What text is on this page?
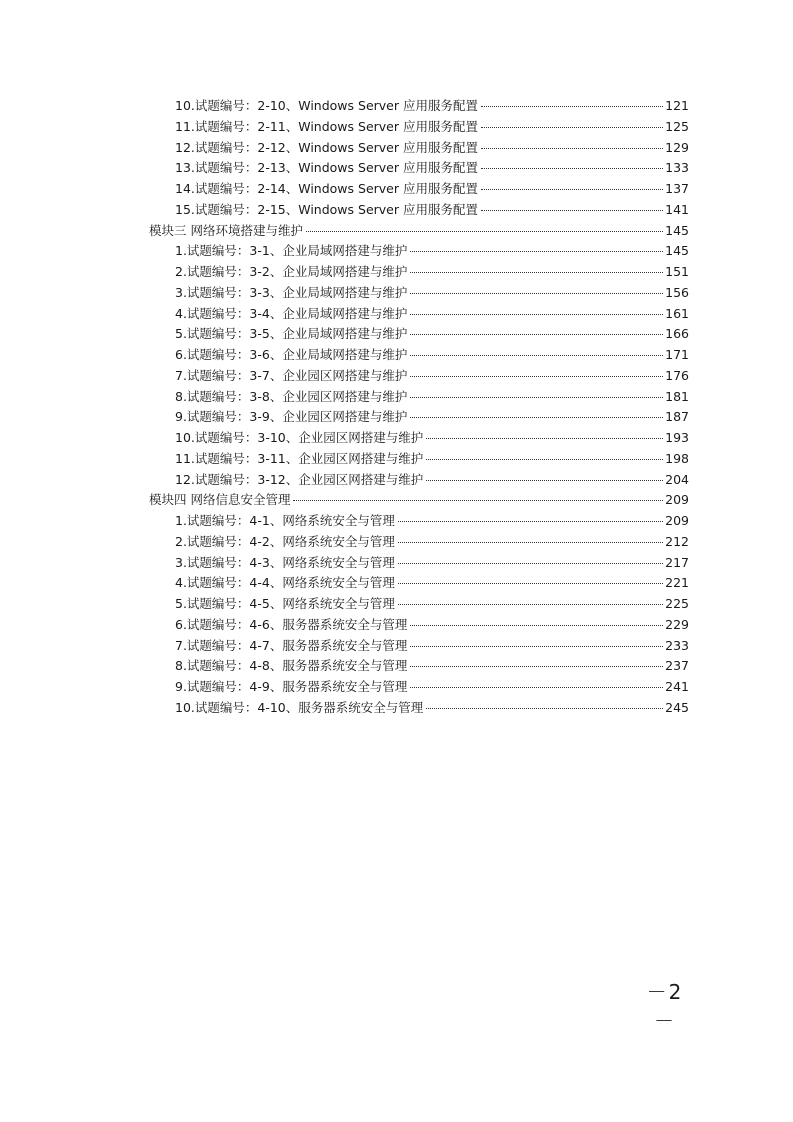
10.试题编号：2-10、Windows Server 应用服务配置	121
11.试题编号：2-11、Windows Server 应用服务配置	125
12.试题编号：2-12、Windows Server 应用服务配置	129
13.试题编号：2-13、Windows Server 应用服务配置	133
14.试题编号：2-14、Windows Server 应用服务配置	137
15.试题编号：2-15、Windows Server 应用服务配置	141
模块三 网络环境搭建与维护	145
1.试题编号：3-1、企业局域网搭建与维护	145
2.试题编号：3-2、企业局域网搭建与维护	151
3.试题编号：3-3、企业局域网搭建与维护	156
4.试题编号：3-4、企业局域网搭建与维护	161
5.试题编号：3-5、企业局域网搭建与维护	166
6.试题编号：3-6、企业局域网搭建与维护	171
7.试题编号：3-7、企业园区网搭建与维护	176
8.试题编号：3-8、企业园区网搭建与维护	181
9.试题编号：3-9、企业园区网搭建与维护	187
10.试题编号：3-10、企业园区网搭建与维护	193
11.试题编号：3-11、企业园区网搭建与维护	198
12.试题编号：3-12、企业园区网搭建与维护	204
模块四 网络信息安全管理	209
1.试题编号：4-1、网络系统安全与管理	209
2.试题编号：4-2、网络系统安全与管理	212
3.试题编号：4-3、网络系统安全与管理	217
4.试题编号：4-4、网络系统安全与管理	221
5.试题编号：4-5、网络系统安全与管理	225
6.试题编号：4-6、服务器系统安全与管理	229
7.试题编号：4-7、服务器系统安全与管理	233
8.试题编号：4-8、服务器系统安全与管理	237
9.试题编号：4-9、服务器系统安全与管理	241
10.试题编号：4-10、服务器系统安全与管理	245
－2－
